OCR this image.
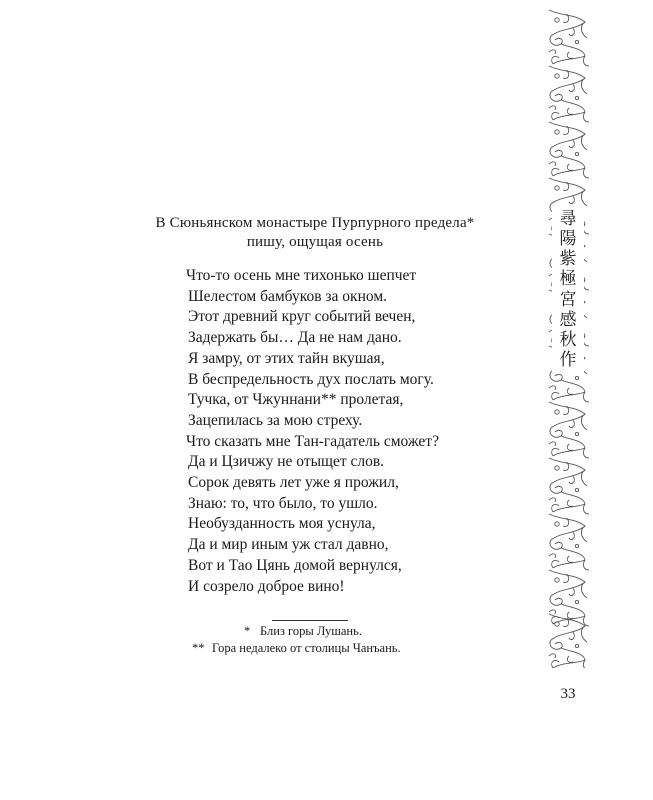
В Сюньянском монастыре Пурпурного предела*
пишу, ощущая осень
Что-то осень мне тихонько шепчет
Шелестом бамбуков за окном.
Этот древний круг событий вечен,
Задержать бы… Да не нам дано.
Я замру, от этих тайн вкушая,
В беспредельность дух послать могу.
Тучка, от Чжуннани** пролетая,
Зацепилась за мою стреху.
Что сказать мне Тан-гадатель сможет?
Да и Цзичжу не отыщет слов.
Сорок девять лет уже я прожил,
Знаю: то, что было, то ушло.
Необузданность моя уснула,
Да и мир иным уж стал давно,
Вот и Тао Цянь домой вернулся,
И созрело доброе вино!
* Близ горы Лушань.
** Гора недалеко от столицы Чанъань.
尋
陽
紫
極
宮
感
秋
作
33
